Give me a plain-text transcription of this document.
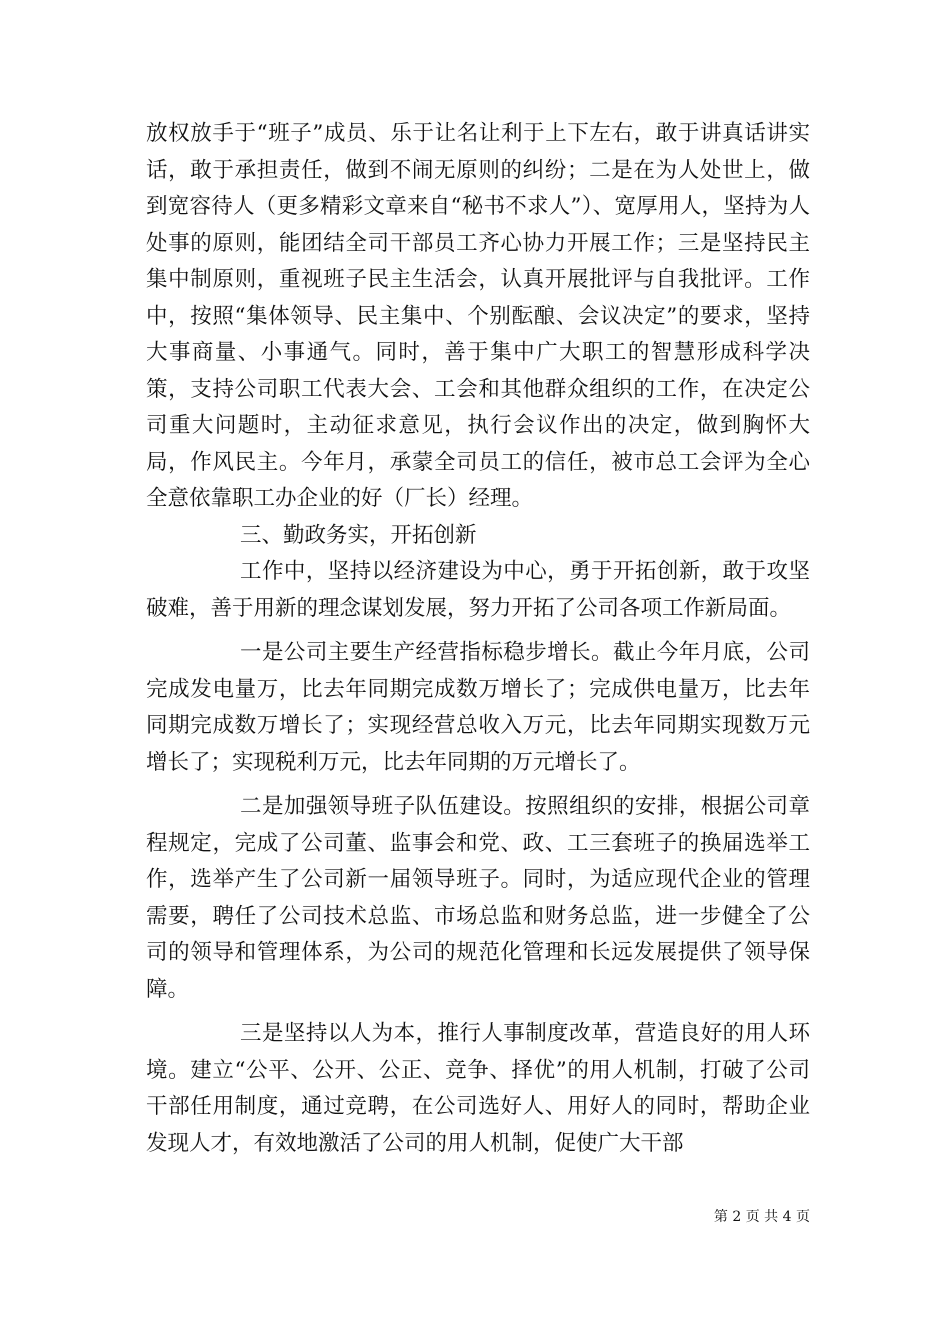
放权放手于“班子”成员、乐于让名让利于上下左右，敢于讲真话讲实话，敢于承担责任，做到不闹无原则的纠纷；二是在为人处世上，做到宽容待人（更多精彩文章来自“秘书不求人”）、宽厚用人，坚持为人处事的原则，能团结全司干部员工齐心协力开展工作；三是坚持民主集中制原则，重视班子民主生活会，认真开展批评与自我批评。工作中，按照“集体领导、民主集中、个别酝酿、会议决定”的要求，坚持大事商量、小事通气。同时，善于集中广大职工的智慧形成科学决策，支持公司职工代表大会、工会和其他群众组织的工作，在决定公司重大问题时，主动征求意见，执行会议作出的决定，做到胸怀大局，作风民主。今年月，承蒙全司员工的信任，被市总工会评为全心全意依靠职工办企业的好（厂长）经理。

三、勤政务实，开拓创新

工作中，坚持以经济建设为中心，勇于开拓创新，敢于攻坚破难，善于用新的理念谋划发展，努力开拓了公司各项工作新局面。

一是公司主要生产经营指标稳步增长。截止今年月底，公司完成发电量万，比去年同期完成数万增长了；完成供电量万，比去年同期完成数万增长了；实现经营总收入万元，比去年同期实现数万元增长了；实现税利万元，比去年同期的万元增长了。

二是加强领导班子队伍建设。按照组织的安排，根据公司章程规定，完成了公司董、监事会和党、政、工三套班子的换届选举工作，选举产生了公司新一届领导班子。同时，为适应现代企业的管理需要，聘任了公司技术总监、市场总监和财务总监，进一步健全了公司的领导和管理体系，为公司的规范化管理和长远发展提供了领导保障。

三是坚持以人为本，推行人事制度改革，营造良好的用人环境。建立“公平、公开、公正、竞争、择优”的用人机制，打破了公司干部任用制度，通过竞聘，在公司选好人、用好人的同时，帮助企业发现人才，有效地激活了公司的用人机制，促使广大干部

第 2 页 共 4 页
